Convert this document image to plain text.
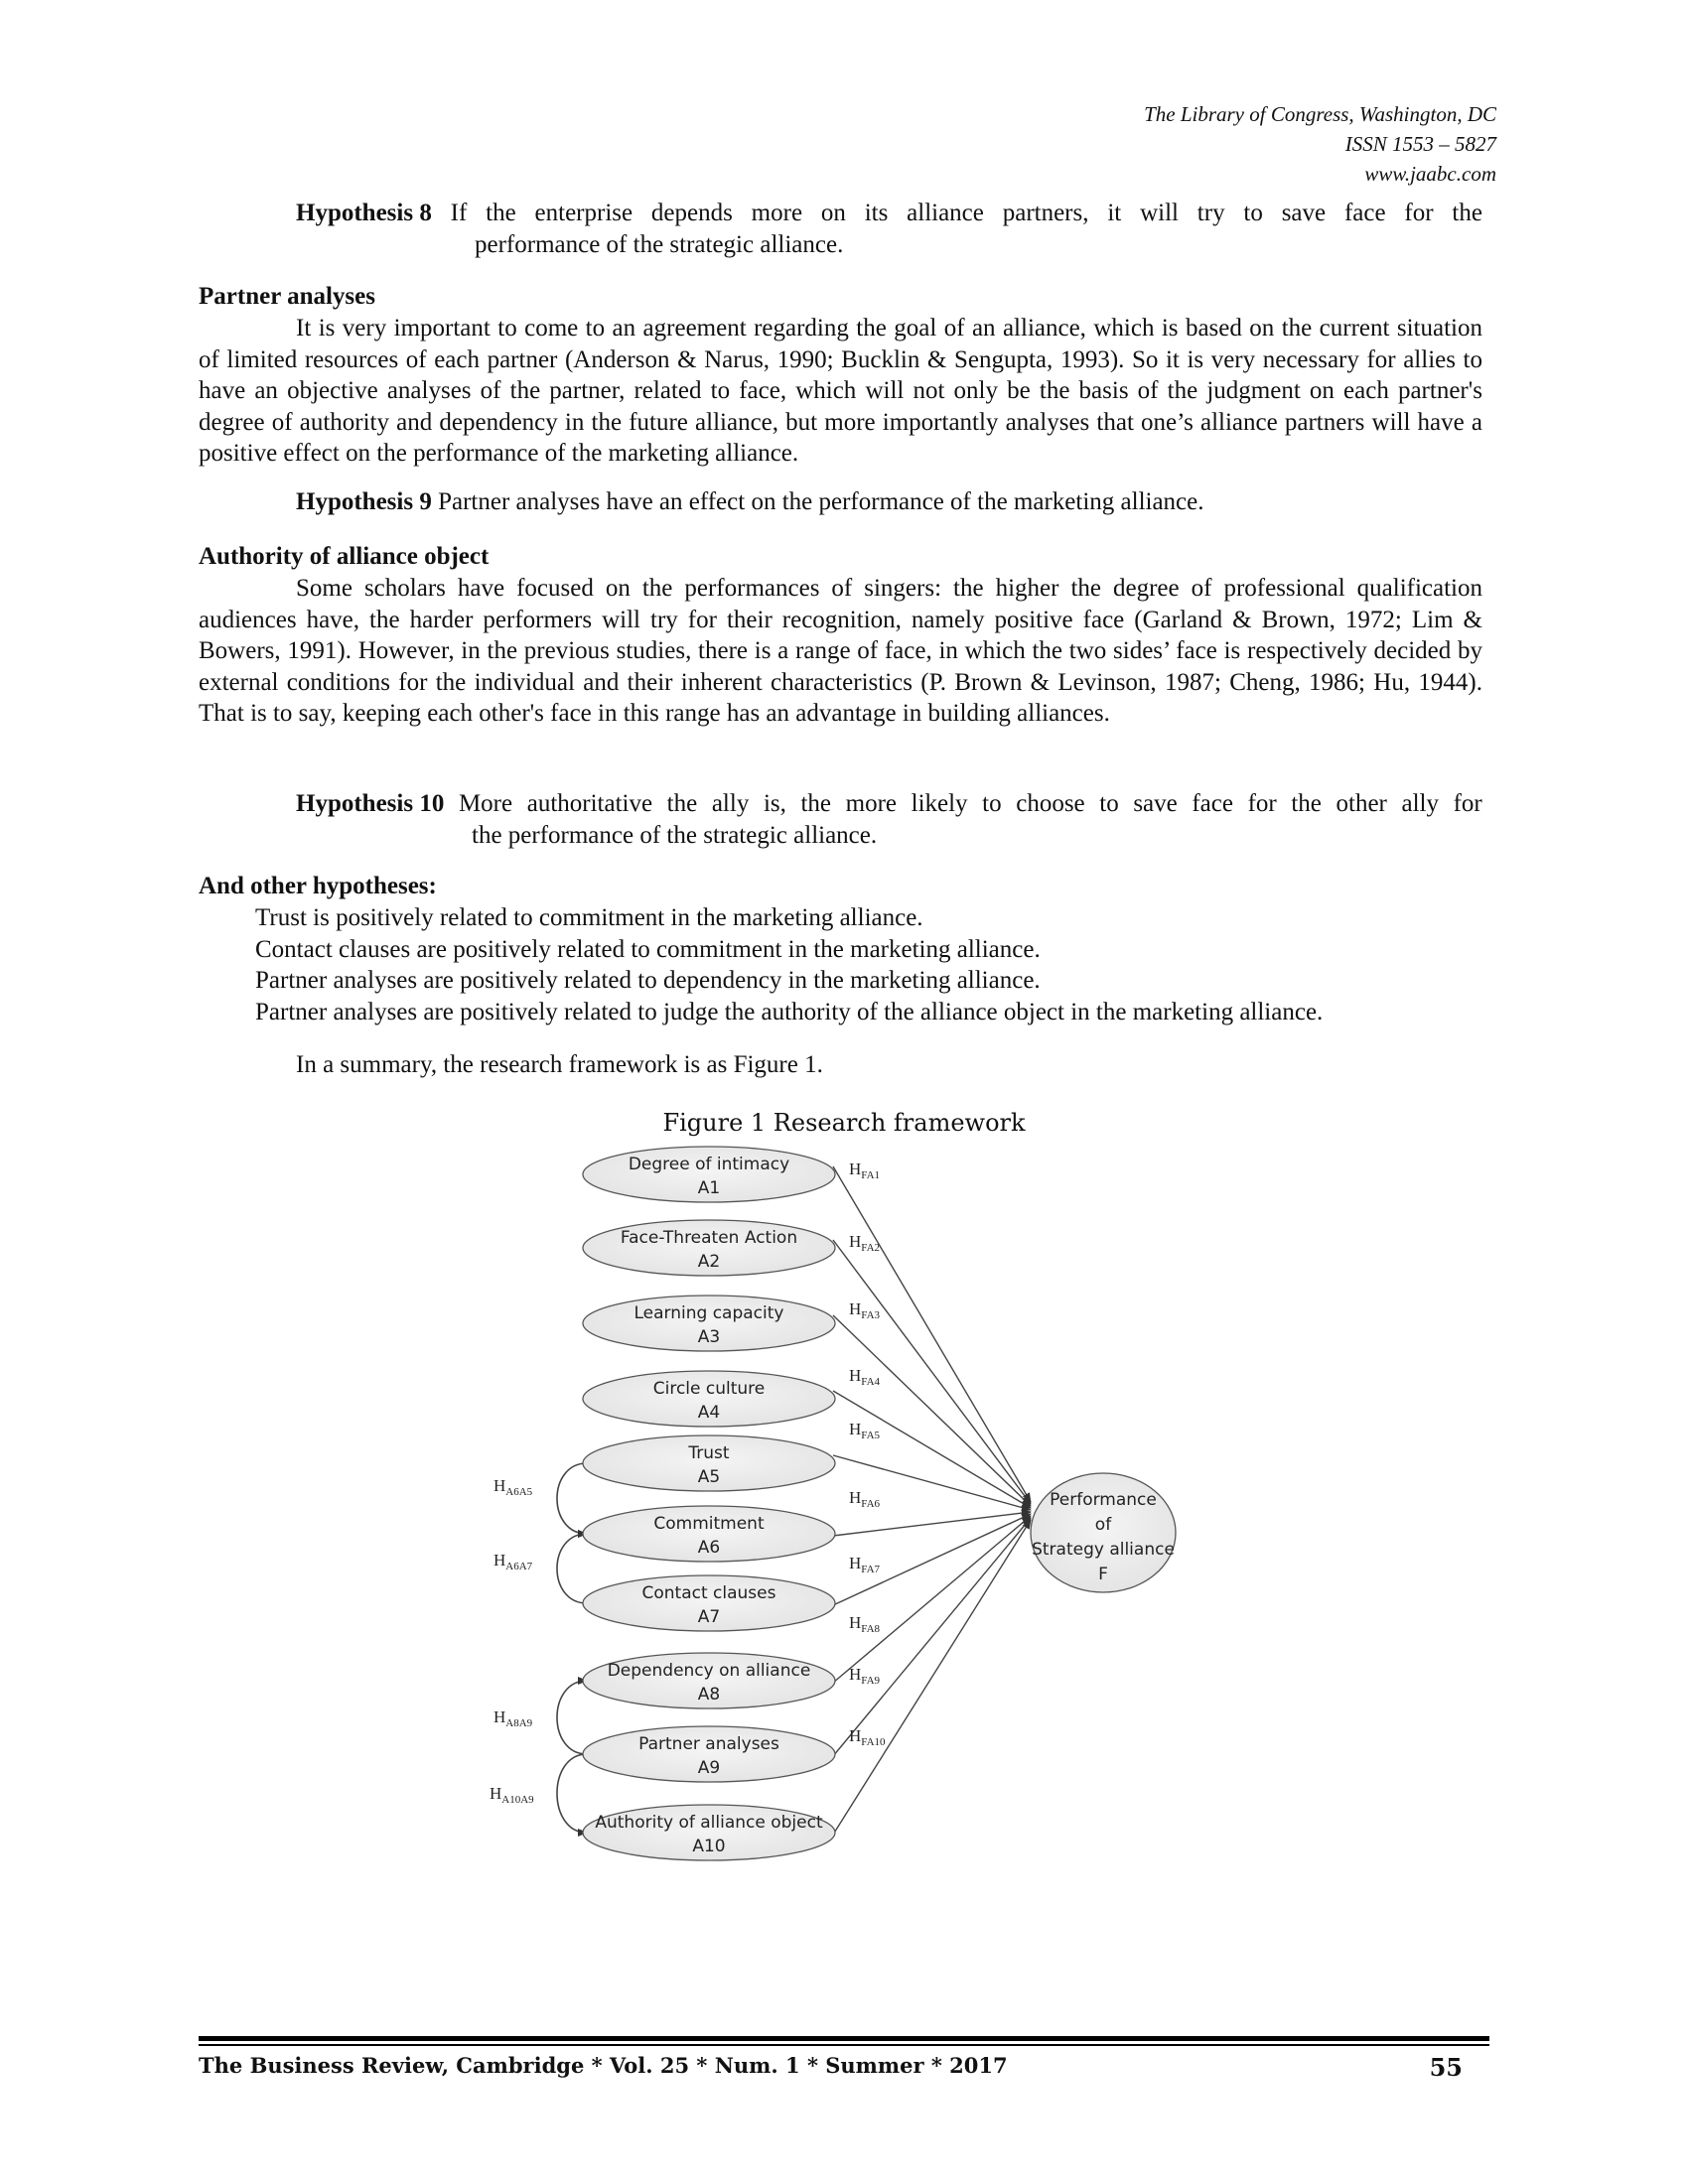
The Library of Congress, Washington, DC
ISSN 1553 – 5827
www.jaabc.com
Hypothesis 8 If the enterprise depends more on its alliance partners, it will try to save face for the
performance of the strategic alliance.
Partner analyses
It is very important to come to an agreement regarding the goal of an alliance, which is based on the current situation of limited resources of each partner (Anderson & Narus, 1990; Bucklin & Sengupta, 1993). So it is very necessary for allies to have an objective analyses of the partner, related to face, which will not only be the basis of the judgment on each partner's degree of authority and dependency in the future alliance, but more importantly analyses that one’s alliance partners will have a positive effect on the performance of the marketing alliance.
Hypothesis 9 Partner analyses have an effect on the performance of the marketing alliance.
Authority of alliance object
Some scholars have focused on the performances of singers: the higher the degree of professional qualification audiences have, the harder performers will try for their recognition, namely positive face (Garland & Brown, 1972; Lim & Bowers, 1991). However, in the previous studies, there is a range of face, in which the two sides’ face is respectively decided by external conditions for the individual and their inherent characteristics (P. Brown & Levinson, 1987; Cheng, 1986; Hu, 1944). That is to say, keeping each other's face in this range has an advantage in building alliances.
Hypothesis 10 More authoritative the ally is, the more likely to choose to save face for the other ally for
the performance of the strategic alliance.
And other hypotheses:
Trust is positively related to commitment in the marketing alliance.
Contact clauses are positively related to commitment in the marketing alliance.
Partner analyses are positively related to dependency in the marketing alliance.
Partner analyses are positively related to judge the authority of the alliance object in the marketing alliance.
In a summary, the research framework is as Figure 1.
Figure 1 Research framework
Degree of intimacy
A1
Face-Threaten Action
A2
Learning capacity
A3
Circle culture
A4
Trust
A5
Commitment
A6
Contact clauses
A7
Dependency on alliance
A8
Partner analyses
A9
Authority of alliance object
A10
Performance
of
Strategy alliance
F
$H_{FA1}$
$H_{FA2}$
$H_{FA3}$
$H_{FA4}$
$H_{FA5}$
$H_{FA6}$
$H_{FA7}$
$H_{FA8}$
$H_{FA9}$
$H_{FA10}$
$H_{A6A5}$
$H_{A6A7}$
$H_{A8A9}$
$H_{A10A9}$
The Business Review, Cambridge * Vol. 25 * Num. 1 * Summer * 2017	55
